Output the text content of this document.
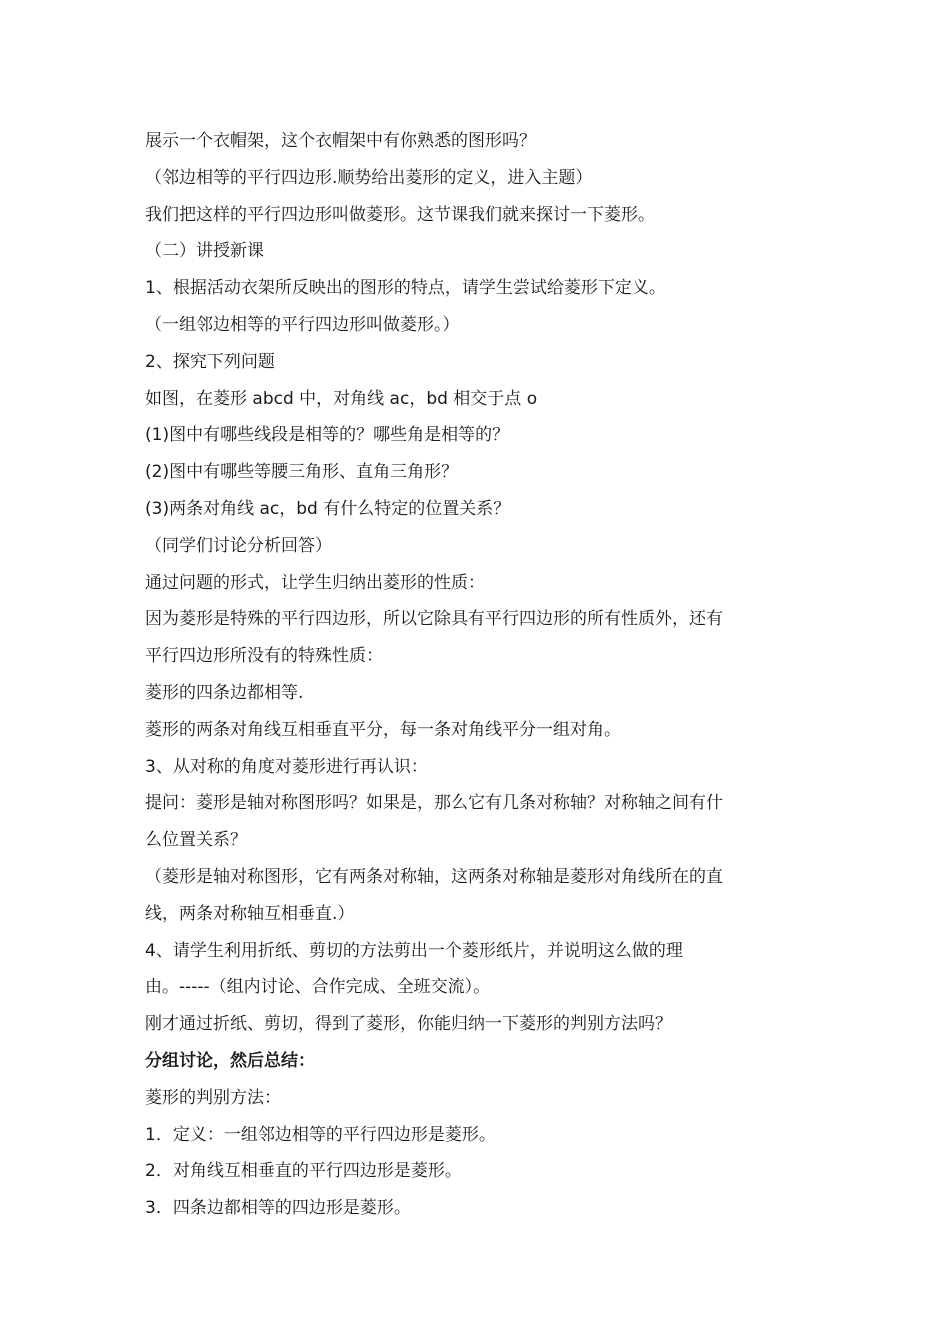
展示一个衣帽架，这个衣帽架中有你熟悉的图形吗？
（邻边相等的平行四边形.顺势给出菱形的定义，进入主题）
我们把这样的平行四边形叫做菱形。这节课我们就来探讨一下菱形。
（二）讲授新课
1、根据活动衣架所反映出的图形的特点，请学生尝试给菱形下定义。
（一组邻边相等的平行四边形叫做菱形。）
2、探究下列问题
如图，在菱形 abcd 中，对角线 ac，bd 相交于点 o
(1)图中有哪些线段是相等的？哪些角是相等的？
(2)图中有哪些等腰三角形、直角三角形？
(3)两条对角线 ac，bd 有什么特定的位置关系？
（同学们讨论分析回答）
通过问题的形式，让学生归纳出菱形的性质：
因为菱形是特殊的平行四边形，所以它除具有平行四边形的所有性质外，还有
平行四边形所没有的特殊性质：
菱形的四条边都相等.
菱形的两条对角线互相垂直平分，每一条对角线平分一组对角。
3、从对称的角度对菱形进行再认识：
提问：菱形是轴对称图形吗？如果是，那么它有几条对称轴？对称轴之间有什
么位置关系？
（菱形是轴对称图形，它有两条对称轴，这两条对称轴是菱形对角线所在的直
线，两条对称轴互相垂直.）
4、请学生利用折纸、剪切的方法剪出一个菱形纸片，并说明这么做的理
由。-----（组内讨论、合作完成、全班交流）。
刚才通过折纸、剪切，得到了菱形，你能归纳一下菱形的判别方法吗？
分组讨论，然后总结：
菱形的判别方法：
1．定义：一组邻边相等的平行四边形是菱形。
2．对角线互相垂直的平行四边形是菱形。
3．四条边都相等的四边形是菱形。
